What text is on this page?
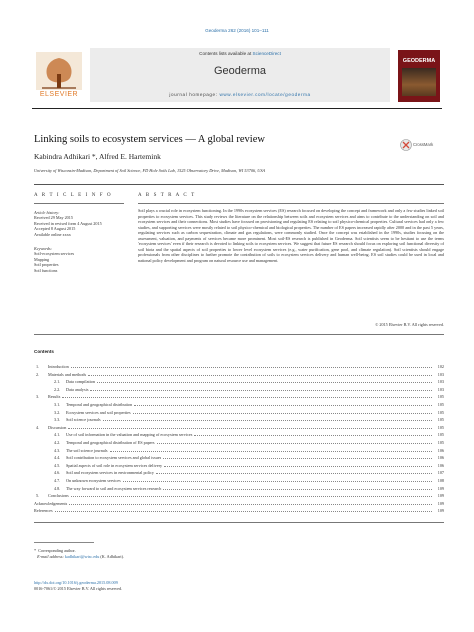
Geoderma 262 (2016) 101–111
ELSEVIER
Contents lists available at ScienceDirect
Geoderma
journal homepage: www.elsevier.com/locate/geoderma
GEODERMA
Linking soils to ecosystem services — A global review
Kabindra Adhikari *, Alfred E. Hartemink
University of Wisconsin-Madison, Department of Soil Science, FD Hole Soils Lab, 1525 Observatory Drive, Madison, WI 53706, USA
CrossMark
A R T I C L E I N F O
Article history:
Received 29 May 2015
Received in revised form 4 August 2015
Accepted 8 August 2015
Available online xxxx
Keywords:
Soil-ecosystem services
Mapping
Soil properties
Soil functions
A B S T R A C T
Soil plays a crucial role in ecosystem functioning. In the 1990s ecosystem services (ES) research focused on developing the concept and framework and only a few studies linked soil properties to ecosystem services. This study reviews the literature on the relationship between soils and ecosystem services and aims to contribute to the understanding on soil and ecosystem services and their connections. Most studies have focused on provisioning and regulating ES relating to soil physico-chemical properties. Cultural services had only a few studies, and supporting services were mostly related to soil physico-chemical and biological properties. The number of ES papers increased rapidly after 2000 and in the past 5 years, regulating services such as carbon sequestration, climate and gas regulations, were commonly studied. Once the concept was established in the 1990s, studies focusing on the assessment, valuation, and payments of services became more prominent. Most soil-ES research is published in Geoderma. Soil scientists seem to be hesitant to use the terms 'ecosystem services' even if their research is devoted to linking soils to ecosystem services. We suggest that future ES research should focus on exploring soil functional diversity of soil biota and the spatial aspects of soil properties to lower level ecosystem services (e.g., water purification, gene pool, and climate regulation). Soil scientists should engage professionals from other disciplines to further promote the contribution of soils to ecosystem services delivery and human well-being. ES soil studies could be used in local and national policy development and program on natural resource use and management.
© 2015 Elsevier B.V. All rights reserved.
Contents
1.	Introduction	102
2.	Materials and methods	103
2.1.	Data compilation	103
2.2.	Data analysis	103
3.	Results	105
3.1.	Temporal and geographical distribution	105
3.2.	Ecosystem services and soil properties	105
3.3.	Soil science journals	105
4.	Discussion	105
4.1.	Use of soil information in the valuation and mapping of ecosystem services	105
4.2.	Temporal and geographical distribution of ES papers	105
4.3.	The soil science journals	106
4.4.	Soil contribution to ecosystem services and global issues	106
4.5.	Spatial aspects of soil role in ecosystem services delivery	106
4.6.	Soil and ecosystem services in environmental policy	107
4.7.	On unknown ecosystem services	108
4.8.	The way forward to soil and ecosystem services research	109
5.	Conclusions	109
Acknowledgements	109
References	109
* Corresponding author.
E-mail address: kadhikari@wisc.edu (K. Adhikari).
http://dx.doi.org/10.1016/j.geoderma.2015.08.009
0016-7061/© 2015 Elsevier B.V. All rights reserved.
